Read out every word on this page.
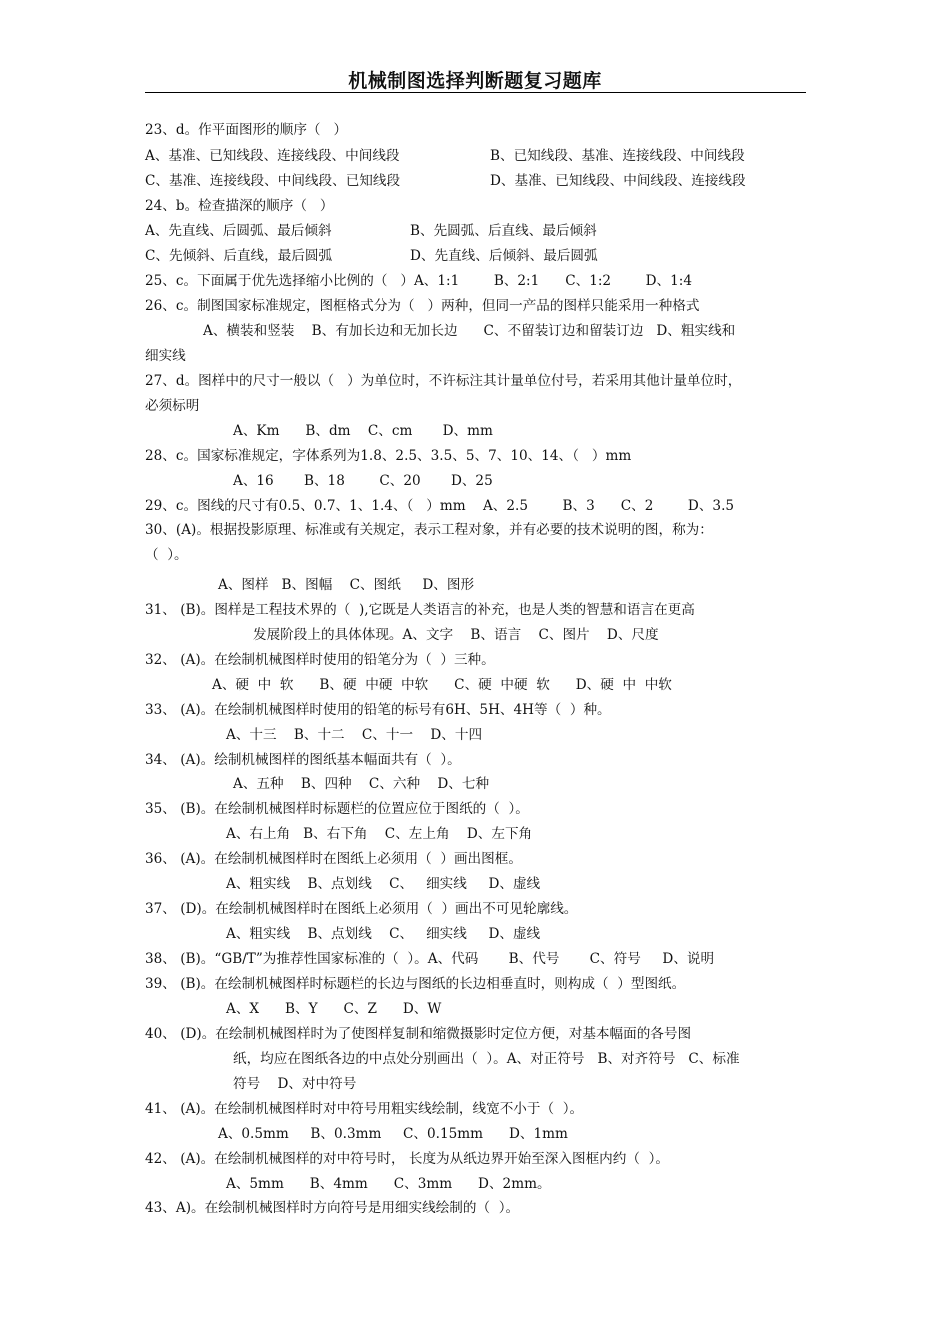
机械制图选择判断题复习题库
23、d。作平面图形的顺序（   ）
A、基准、已知线段、连接线段、中间线段	B、已知线段、基准、连接线段、中间线段
C、基准、连接线段、中间线段、已知线段	D、基准、已知线段、中间线段、连接线段
24、b。检查描深的顺序（   ）
A、先直线、后圆弧、最后倾斜	B、先圆弧、后直线、最后倾斜
C、先倾斜、后直线，最后圆弧	D、先直线、后倾斜、最后圆弧
25、c。下面属于优先选择缩小比例的（   ）A、1:1        B、2:1      C、1:2        D、1:4
26、c。制图国家标准规定，图框格式分为（   ）两种，但同一产品的图样只能采用一种格式
A、横装和竖装    B、有加长边和无加长边      C、不留装订边和留装订边   D、粗实线和
细实线
27、d。图样中的尺寸一般以（   ）为单位时，不许标注其计量单位付号，若采用其他计量单位时，
必须标明
A、Km      B、dm    C、cm       D、mm
28、c。国家标准规定，字体系列为1.8、2.5、3.5、5、7、10、14、（   ）mm
A、16       B、18        C、20       D、25
29、c。图线的尺寸有0.5、0.7、1、1.4、（   ）mm    A、2.5        B、3      C、2        D、3.5
30、(A)。根据投影原理、标准或有关规定，表示工程对象，并有必要的技术说明的图，称为：
（  ）。
A、图样   B、图幅    C、图纸     D、图形
31、 (B)。图样是工程技术界的（  ),它既是人类语言的补充，也是人类的智慧和语言在更高
发展阶段上的具体体现。A、文字    B、语言    C、图片    D、尺度
32、 (A)。在绘制机械图样时使用的铅笔分为（  ）三种。
A、硬  中  软      B、硬  中硬  中软      C、硬  中硬  软      D、硬  中  中软
33、 (A)。在绘制机械图样时使用的铅笔的标号有6H、5H、4H等（  ）种。
A、十三    B、十二    C、十一    D、十四
34、 (A)。绘制机械图样的图纸基本幅面共有（  ）。
A、五种    B、四种    C、六种    D、七种
35、 (B)。在绘制机械图样时标题栏的位置应位于图纸的（  ）。
A、右上角   B、右下角    C、左上角    D、左下角
36、 (A)。在绘制机械图样时在图纸上必须用（  ）画出图框。
A、粗实线    B、点划线    C、   细实线     D、虚线
37、 (D)。在绘制机械图样时在图纸上必须用（  ）画出不可见轮廓线。
A、粗实线    B、点划线    C、   细实线     D、虚线
38、 (B)。“GB/T”为推荐性国家标准的（  ）。A、代码       B、代号       C、符号     D、说明
39、 (B)。在绘制机械图样时标题栏的长边与图纸的长边相垂直时，则构成（  ）型图纸。
A、X      B、Y      C、Z      D、W
40、 (D)。在绘制机械图样时为了使图样复制和缩微摄影时定位方便，对基本幅面的各号图
纸，均应在图纸各边的中点处分别画出（  ）。A、对正符号   B、对齐符号   C、标准
符号    D、对中符号
41、 (A)。在绘制机械图样时对中符号用粗实线绘制，线宽不小于（  ）。
A、0.5mm     B、0.3mm     C、0.15mm      D、1mm
42、 (A)。在绘制机械图样的对中符号时， 长度为从纸边界开始至深入图框内约（  ）。
A、5mm      B、4mm      C、3mm      D、2mm。
43、A)。在绘制机械图样时方向符号是用细实线绘制的（  ）。
